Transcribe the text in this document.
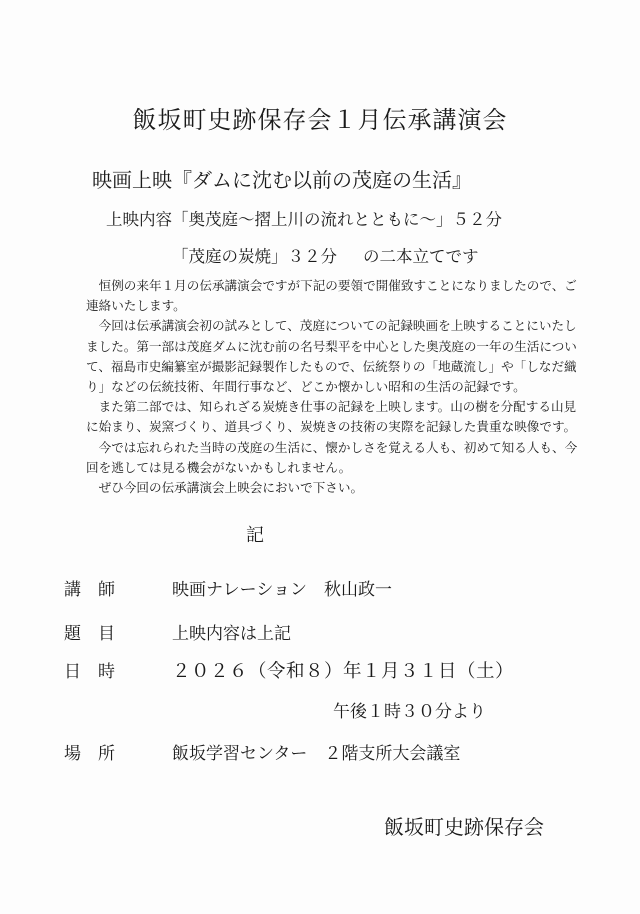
飯坂町史跡保存会１月伝承講演会
映画上映『ダムに沈む以前の茂庭の生活』
上映内容「奥茂庭～摺上川の流れとともに～」５２分
「茂庭の炭焼」３２分 の二本立てです

恒例の来年１月の伝承講演会ですが下記の要領で開催致すことになりましたので、ご連絡いたします。

今回は伝承講演会初の試みとして、茂庭についての記録映画を上映することにいたしました。第一部は茂庭ダムに沈む前の名号梨平を中心とした奥茂庭の一年の生活について、福島市史編纂室が撮影記録製作したもので、伝統祭りの「地蔵流し」や「しなだ織り」などの伝統技術、年間行事など、どこか懐かしい昭和の生活の記録です。

また第二部では、知られざる炭焼き仕事の記録を上映します。山の樹を分配する山見に始まり、炭窯づくり、道具づくり、炭焼きの技術の実際を記録した貴重な映像です。

今では忘れられた当時の茂庭の生活に、懐かしさを覚える人も、初めて知る人も、今回を逃しては見る機会がないかもしれません。

ぜひ今回の伝承講演会上映会においで下さい。

記
講　師	映画ナレーション　秋山政一
題　目	上映内容は上記
日　時	２０２６（令和８）年１月３１日（土）
午後１時３０分より
場　所	飯坂学習センター　２階支所大会議室
飯坂町史跡保存会
